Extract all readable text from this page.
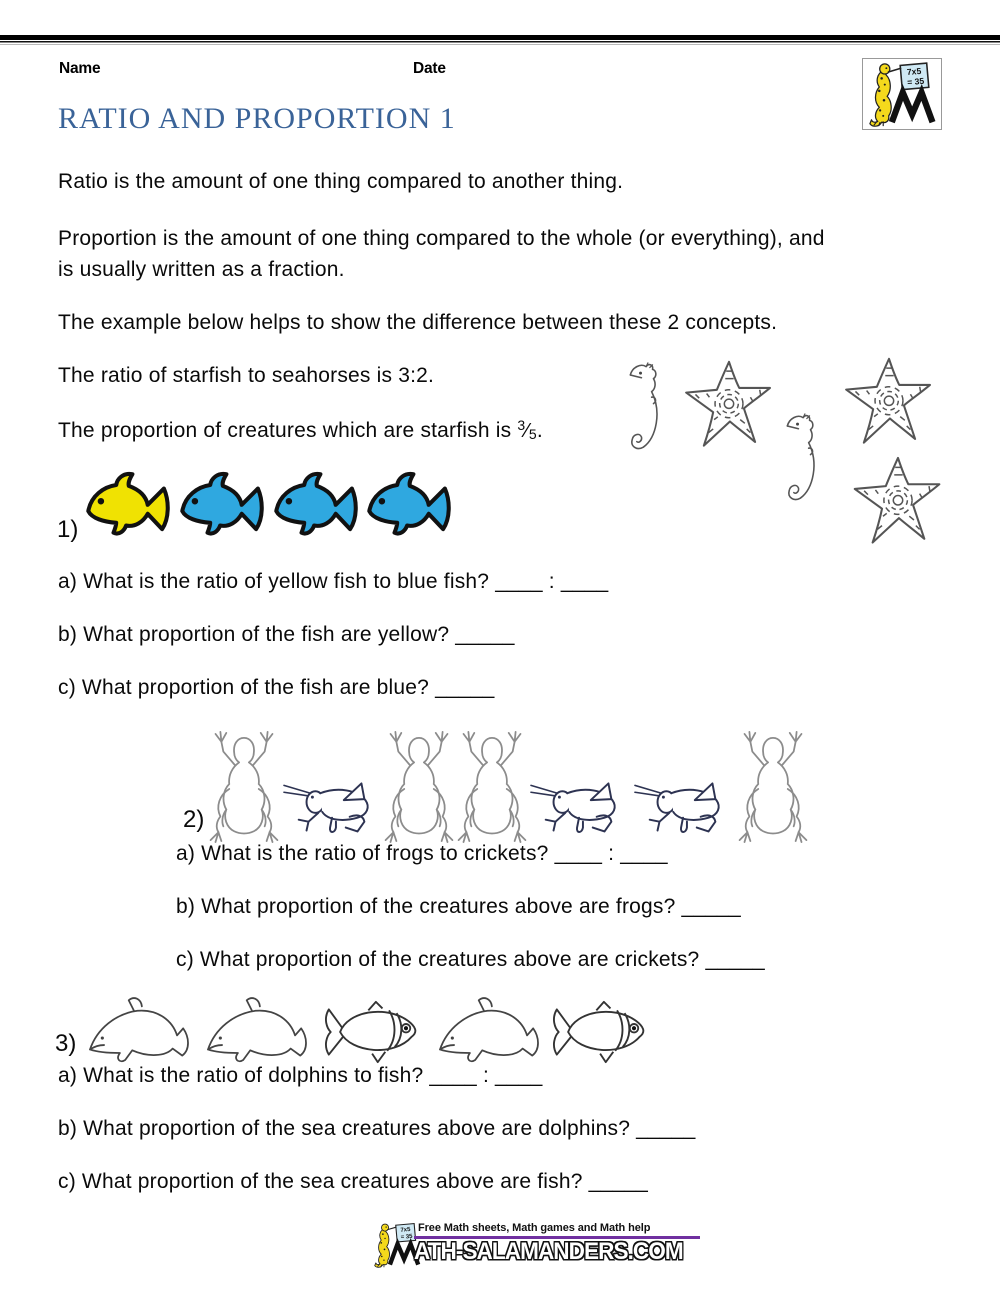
Name	Date
RATIO AND PROPORTION 1
Ratio is the amount of one thing compared to another thing.
Proportion is the amount of one thing compared to the whole (or everything), and
is usually written as a fraction.
The example below helps to show the difference between these 2 concepts.
The ratio of starfish to seahorses is 3:2.
The proportion of creatures which are starfish is $^3⁄_5$.
1)
a) What is the ratio of yellow fish to blue fish? ____ : ____
b) What proportion of the fish are yellow? _____
c) What proportion of the fish are blue? _____
2)
a) What is the ratio of frogs to crickets? ____ : ____
b) What proportion of the creatures above are frogs? _____
c) What proportion of the creatures above are crickets? _____
3)
a) What is the ratio of dolphins to fish? ____ : ____
b) What proportion of the sea creatures above are dolphins? _____
c) What proportion of the sea creatures above are fish? _____
Free Math sheets, Math games and Math help
ATH-SALAMANDERS.COM
